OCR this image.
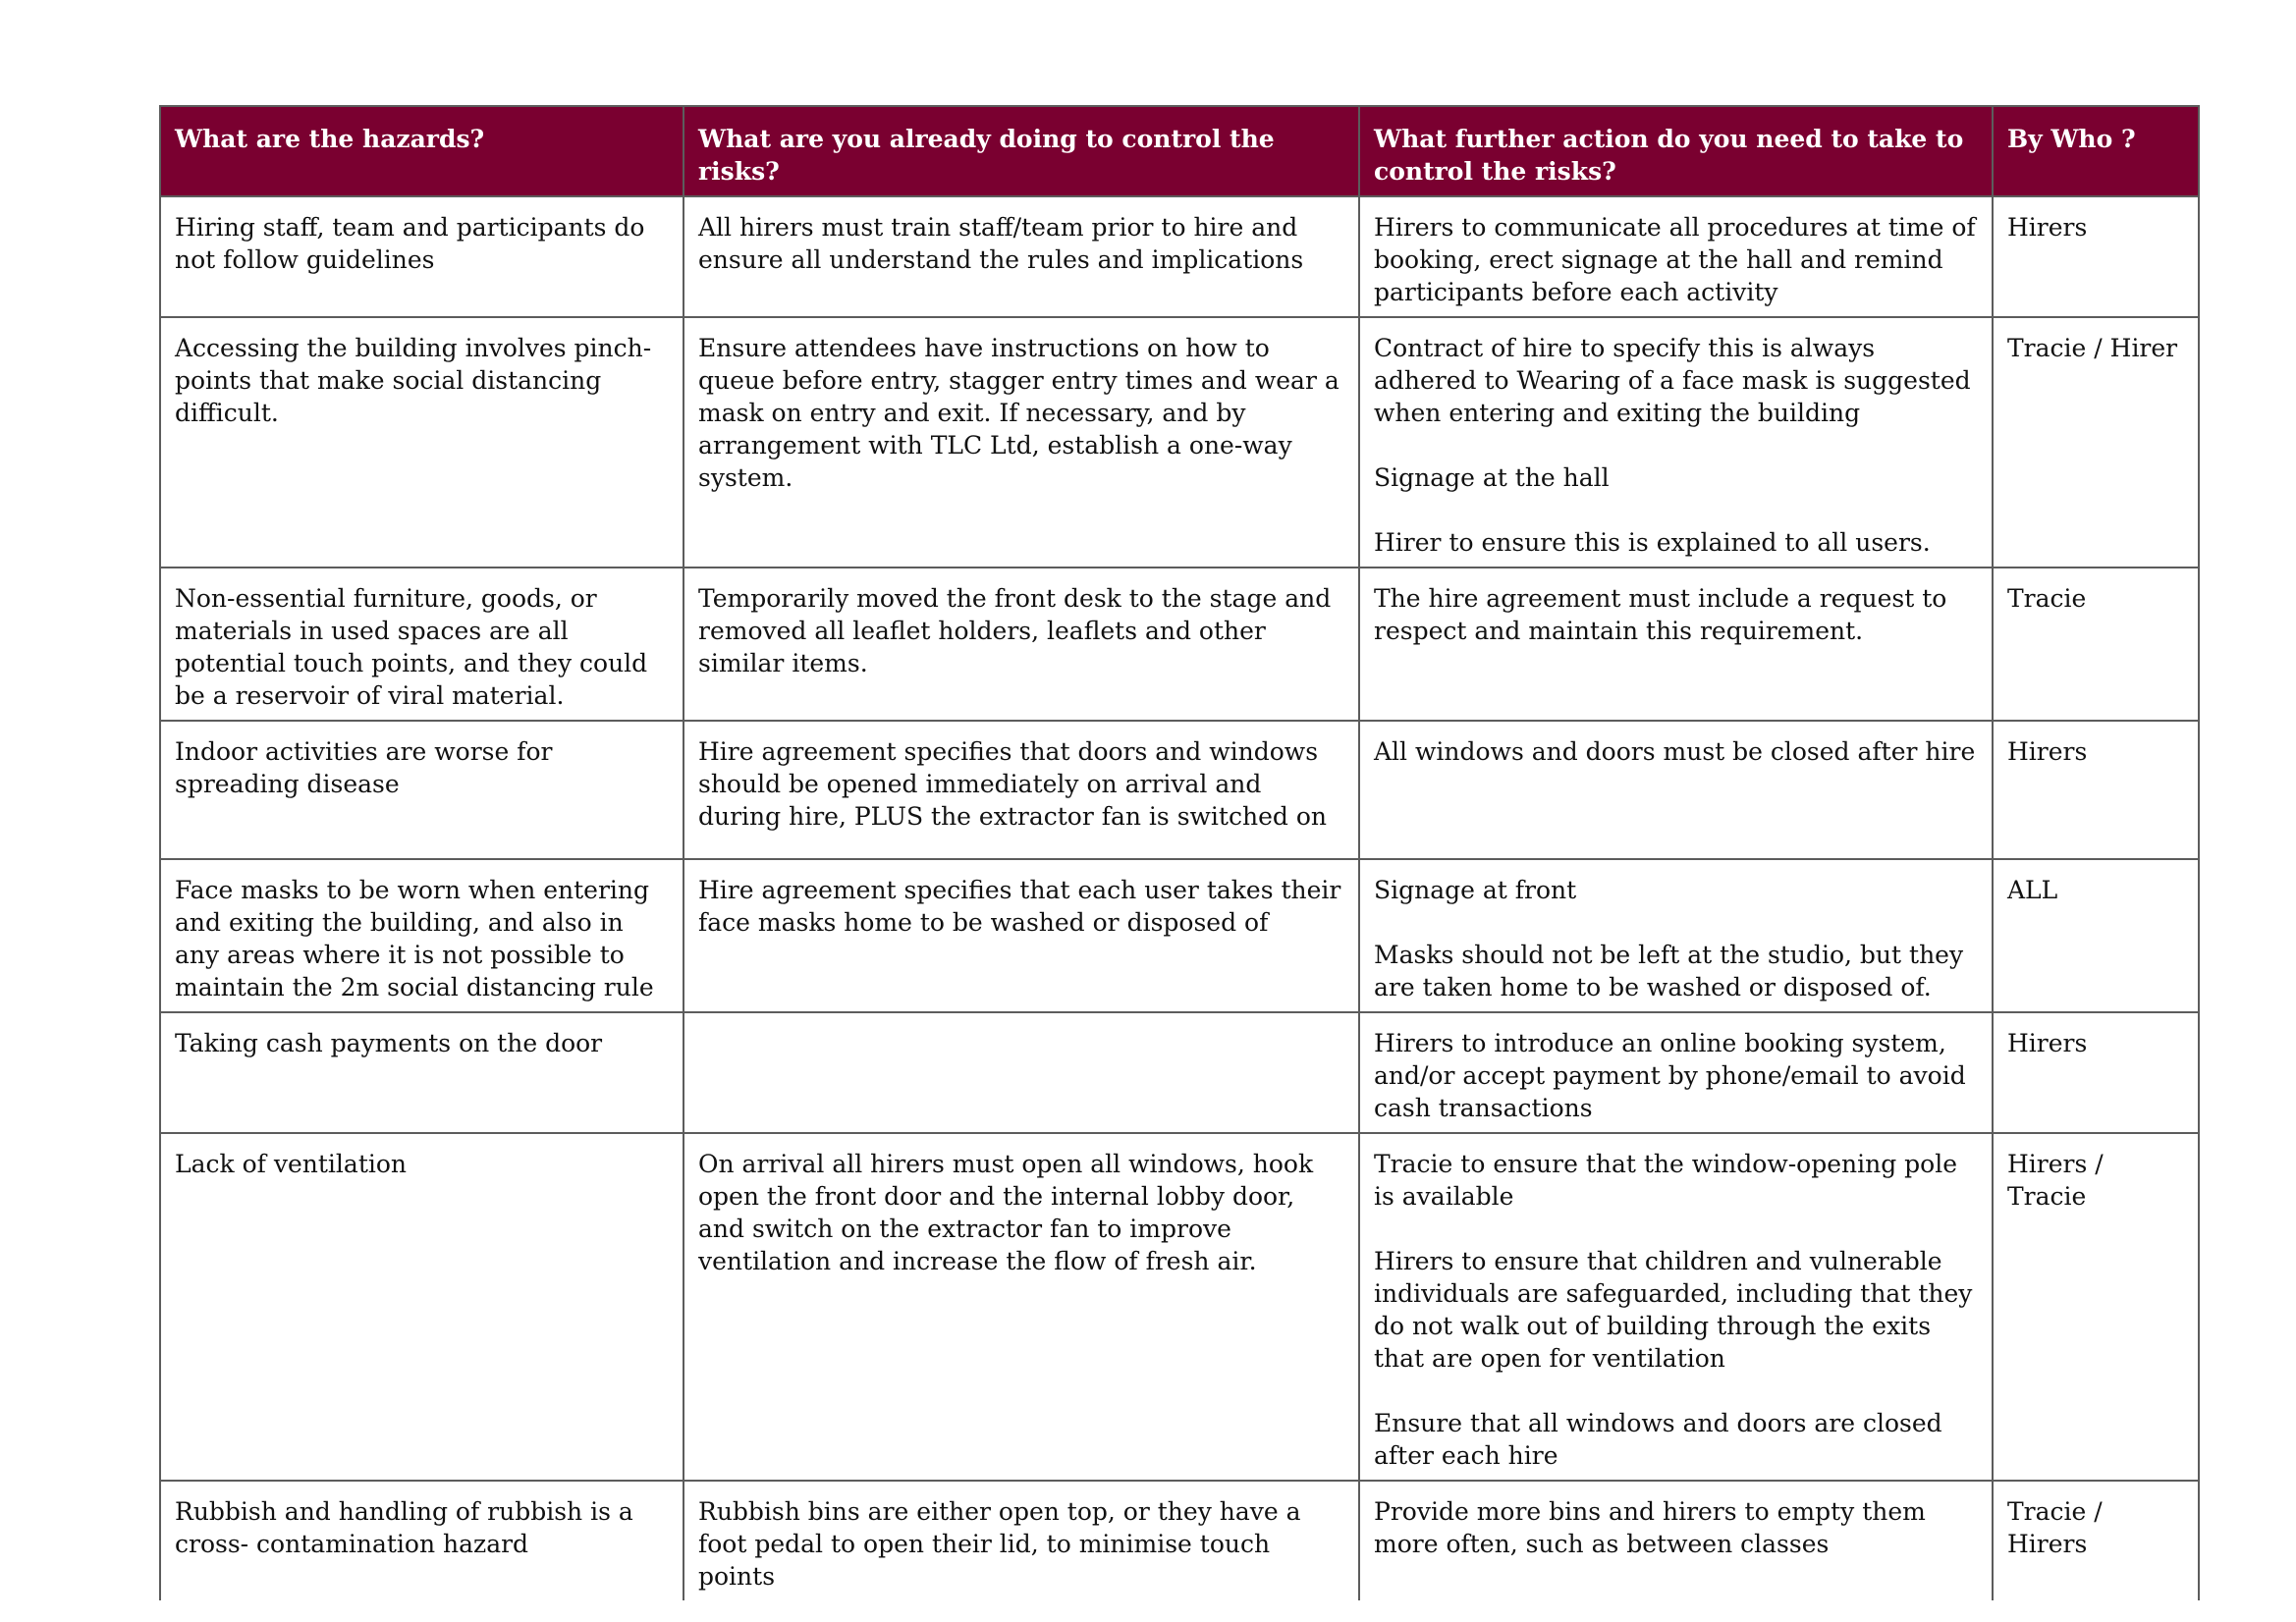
What are the hazards?	What are you already doing to control the risks?	What further action do you need to take to control the risks?	By Who ?
Hiring staff, team and participants do not follow guidelines	All hirers must train staff/team prior to hire and ensure all understand the rules and implications	Hirers to communicate all procedures at time of booking, erect signage at the hall and remind participants before each activity	Hirers
Accessing the building involves pinch-points that make social distancing difficult.	Ensure attendees have instructions on how to queue before entry, stagger entry times and wear a mask on entry and exit. If necessary, and by arrangement with TLC Ltd, establish a one-way system.	Contract of hire to specify this is always adhered to Wearing of a face mask is suggested when entering and exiting the building

Signage at the hall

Hirer to ensure this is explained to all users.	Tracie / Hirer
Non-essential furniture, goods, or materials in used spaces are all potential touch points, and they could be a reservoir of viral material.	Temporarily moved the front desk to the stage and removed all leaflet holders, leaflets and other similar items.	The hire agreement must include a request to respect and maintain this requirement.	Tracie
Indoor activities are worse for spreading disease	Hire agreement specifies that doors and windows should be opened immediately on arrival and during hire, PLUS the extractor fan is switched on	All windows and doors must be closed after hire	Hirers
Face masks to be worn when entering and exiting the building, and also in any areas where it is not possible to maintain the 2m social distancing rule	Hire agreement specifies that each user takes their face masks home to be washed or disposed of	Signage at front

Masks should not be left at the studio, but they are taken home to be washed or disposed of.	ALL
Taking cash payments on the door		Hirers to introduce an online booking system, and/or accept payment by phone/email to avoid cash transactions	Hirers
Lack of ventilation	On arrival all hirers must open all windows, hook open the front door and the internal lobby door, and switch on the extractor fan to improve ventilation and increase the flow of fresh air.	Tracie to ensure that the window-opening pole is available

Hirers to ensure that children and vulnerable individuals are safeguarded, including that they do not walk out of building through the exits that are open for ventilation

Ensure that all windows and doors are closed after each hire	Hirers / Tracie
Rubbish and handling of rubbish is a cross- contamination hazard	Rubbish bins are either open top, or they have a foot pedal to open their lid, to minimise touch points	Provide more bins and hirers to empty them more often, such as between classes	Tracie / Hirers
